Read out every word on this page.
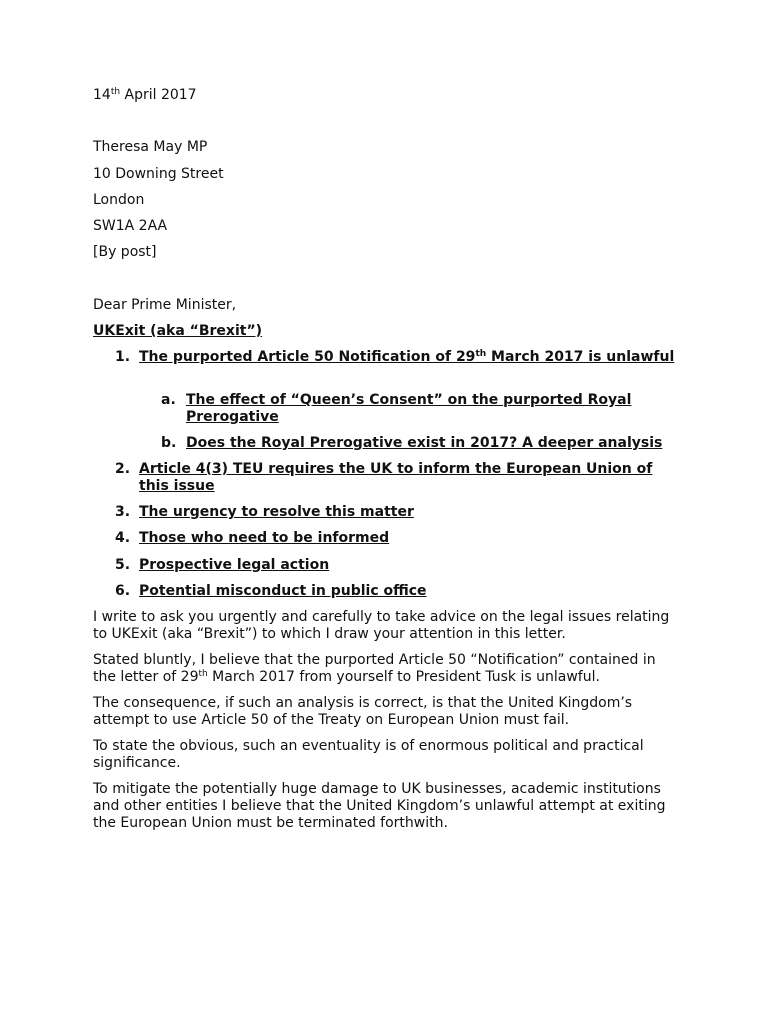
14th April 2017
Theresa May MP
10 Downing Street
London
SW1A 2AA
[By post]
Dear Prime Minister,
UKExit (aka “Brexit”)
1. The purported Article 50 Notification of 29th March 2017 is unlawful
a. The effect of “Queen’s Consent” on the purported Royal Prerogative
b. Does the Royal Prerogative exist in 2017? A deeper analysis
2. Article 4(3) TEU requires the UK to inform the European Union of this issue
3. The urgency to resolve this matter
4. Those who need to be informed
5. Prospective legal action
6. Potential misconduct in public office
I write to ask you urgently and carefully to take advice on the legal issues relating to UKExit (aka “Brexit”) to which I draw your attention in this letter.
Stated bluntly, I believe that the purported Article 50 “Notification” contained in the letter of 29th March 2017 from yourself to President Tusk is unlawful.
The consequence, if such an analysis is correct, is that the United Kingdom’s attempt to use Article 50 of the Treaty on European Union must fail.
To state the obvious, such an eventuality is of enormous political and practical significance.
To mitigate the potentially huge damage to UK businesses, academic institutions and other entities I believe that the United Kingdom’s unlawful attempt at exiting the European Union must be terminated forthwith.
